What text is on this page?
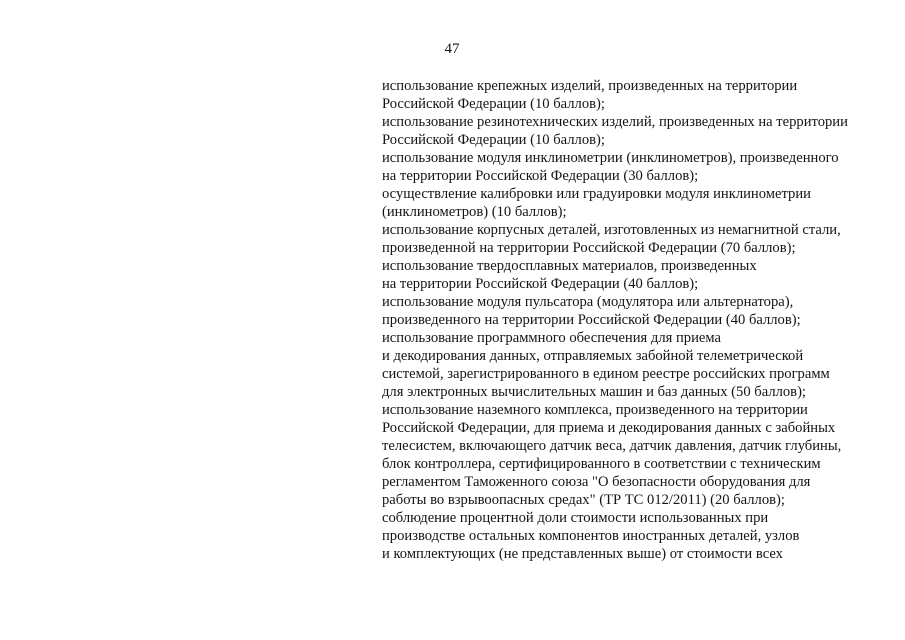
47
использование крепежных изделий, произведенных на территории
Российской Федерации (10 баллов);
использование резинотехнических изделий, произведенных на территории
Российской Федерации (10 баллов);
использование модуля инклинометрии (инклинометров), произведенного
на территории Российской Федерации (30 баллов);
осуществление калибровки или градуировки модуля инклинометрии
(инклинометров) (10 баллов);
использование корпусных деталей, изготовленных из немагнитной стали,
произведенной на территории Российской Федерации (70 баллов);
использование твердосплавных материалов, произведенных
на территории Российской Федерации (40 баллов);
использование модуля пульсатора (модулятора или альтернатора),
произведенного на территории Российской Федерации (40 баллов);
использование программного обеспечения для приема
и декодирования данных, отправляемых забойной телеметрической
системой, зарегистрированного в едином реестре российских программ
для электронных вычислительных машин и баз данных (50 баллов);
использование наземного комплекса, произведенного на территории
Российской Федерации, для приема и декодирования данных с забойных
телесистем, включающего датчик веса, датчик давления, датчик глубины,
блок контроллера, сертифицированного в соответствии с техническим
регламентом Таможенного союза "О безопасности оборудования для
работы во взрывоопасных средах" (ТР ТС 012/2011) (20 баллов);
соблюдение процентной доли стоимости использованных при
производстве остальных компонентов иностранных деталей, узлов
и комплектующих (не представленных выше) от стоимости всех
